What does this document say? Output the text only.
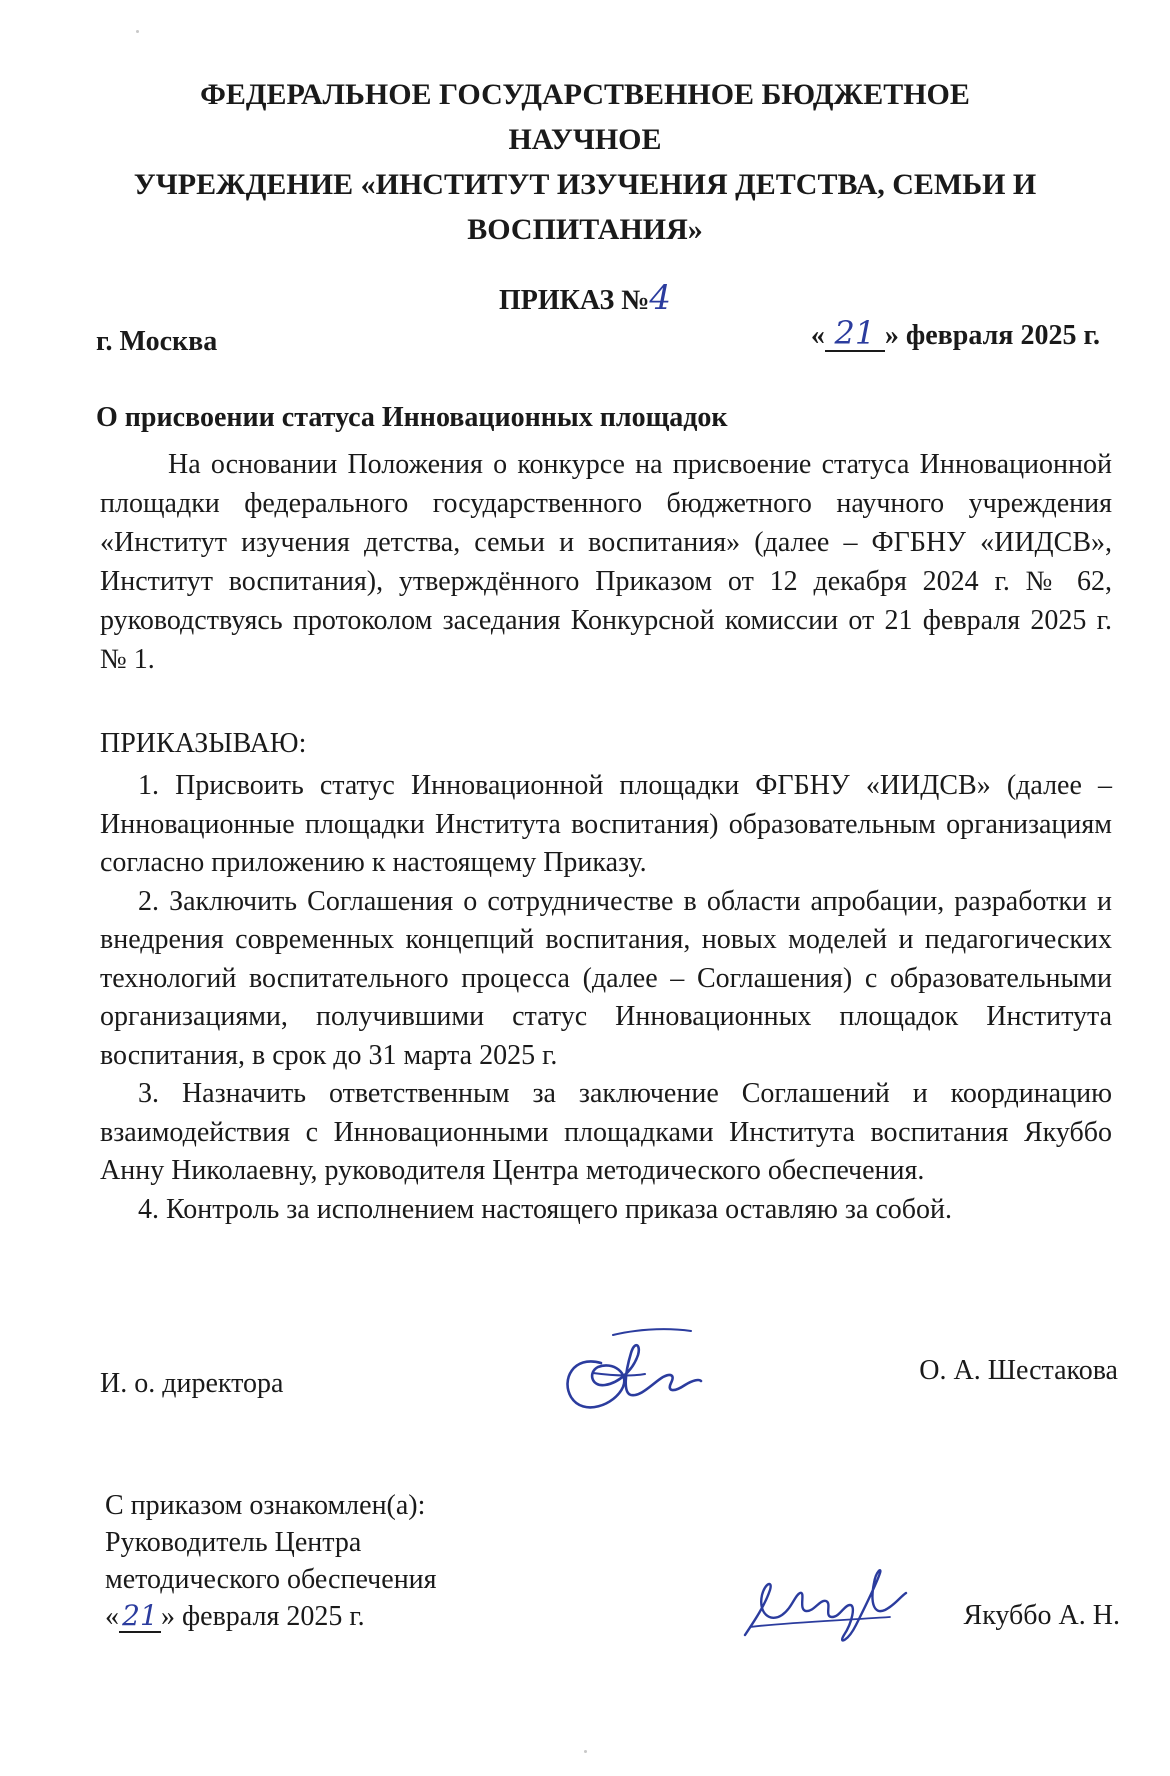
ФЕДЕРАЛЬНОЕ ГОСУДАРСТВЕННОЕ БЮДЖЕТНОЕ НАУЧНОЕ
УЧРЕЖДЕНИЕ «ИНСТИТУТ ИЗУЧЕНИЯ ДЕТСТВА, СЕМЬИ И
ВОСПИТАНИЯ»
ПРИКАЗ №4
г. Москва	« 21 » февраля 2025 г.
О присвоении статуса Инновационных площадок

На основании Положения о конкурсе на присвоение статуса Инновационной площадки федерального государственного бюджетного научного учреждения «Институт изучения детства, семьи и воспитания» (далее – ФГБНУ «ИИДСВ», Институт воспитания), утверждённого Приказом от 12 декабря 2024 г. № 62, руководствуясь протоколом заседания Конкурсной комиссии от 21 февраля 2025 г. № 1.

ПРИКАЗЫВАЮ:
1. Присвоить статус Инновационной площадки ФГБНУ «ИИДСВ» (далее – Инновационные площадки Института воспитания) образовательным организациям согласно приложению к настоящему Приказу.
2. Заключить Соглашения о сотрудничестве в области апробации, разработки и внедрения современных концепций воспитания, новых моделей и педагогических технологий воспитательного процесса (далее – Соглашения) с образовательными организациями, получившими статус Инновационных площадок Института воспитания, в срок до 31 марта 2025 г.
3. Назначить ответственным за заключение Соглашений и координацию взаимодействия с Инновационными площадками Института воспитания Якуббо Анну Николаевну, руководителя Центра методического обеспечения.
4. Контроль за исполнением настоящего приказа оставляю за собой.
И. о. директора	О. А. Шестакова
С приказом ознакомлен(а):
Руководитель Центра
методического обеспечения
« 21 » февраля 2025 г.	Якуббо А. Н.
